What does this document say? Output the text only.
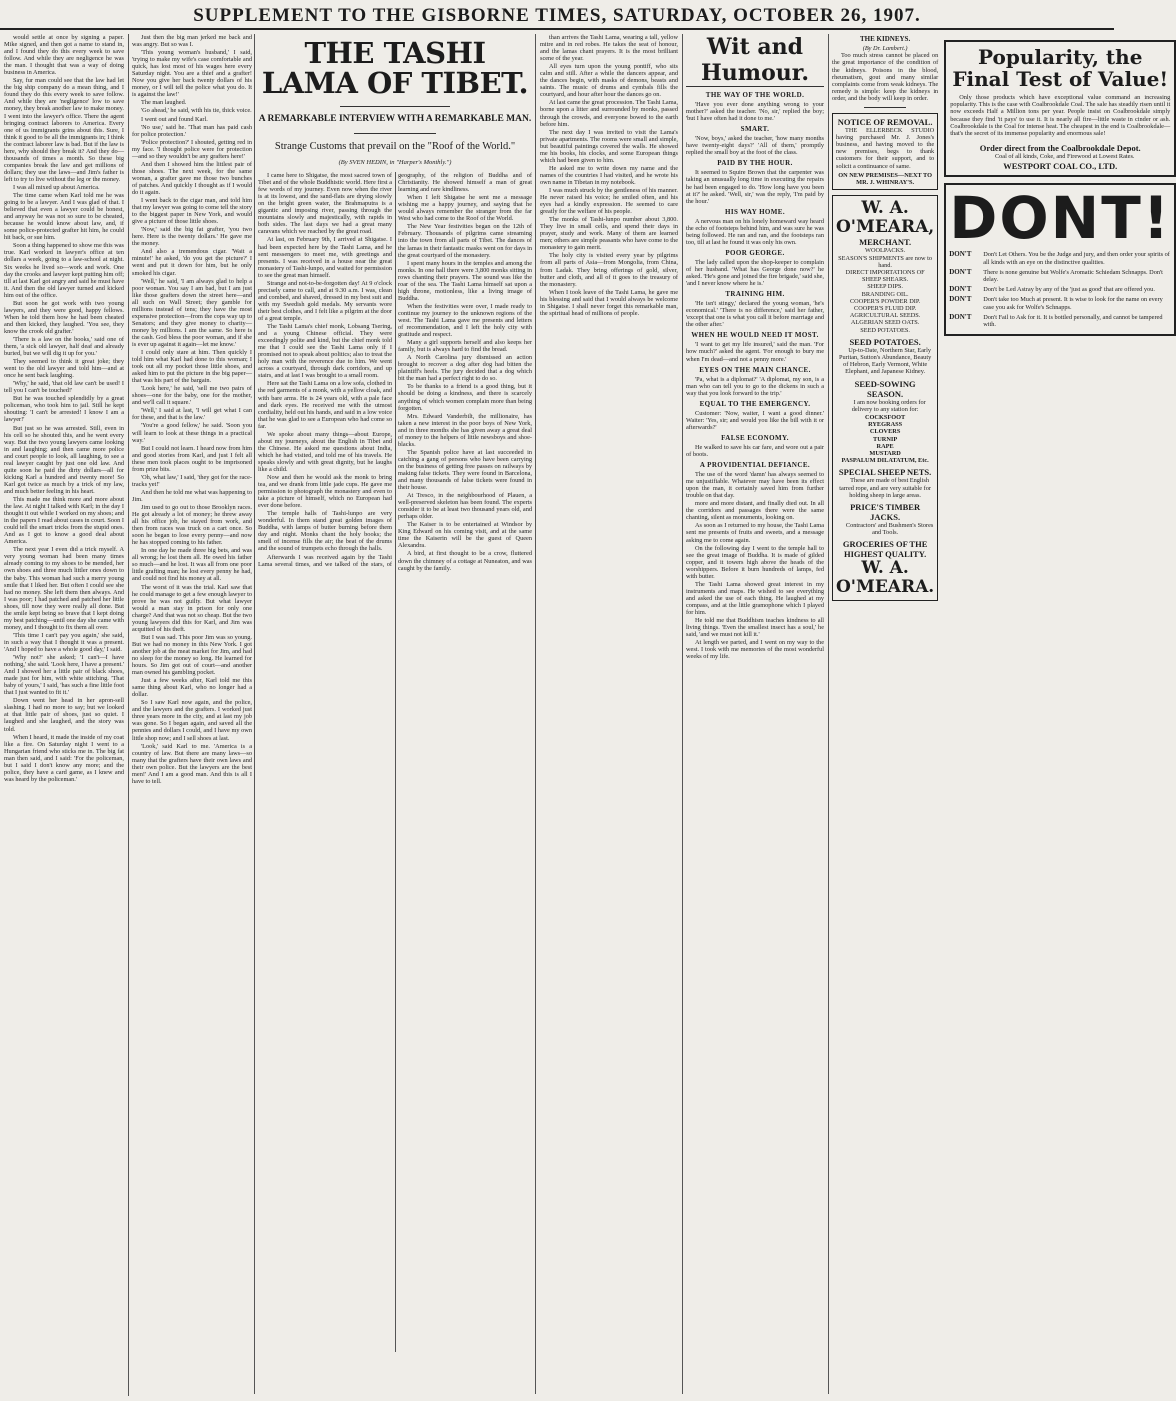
SUPPLEMENT TO THE GISBORNE TIMES, SATURDAY, OCTOBER 26, 1907.

would settle at once by signing a paper. Mike signed, and then got a name to stand in, and I found they do this every week to save follow. And while they are negligence he was the man. I thought that was a way of doing business in America.

Say, fur man could see that the law had let the big ship company do a mean thing, and I found they do this every week to save follow. And while they are 'negligence' low to save money, they break another law to make money. I went into the lawyer's office. There the agent bringing contract laborers to America. Every one of us immigrants grins about this. Sure, I think it good to be all the immigrants in; I think the contract laborer law is bad. But if the law is here, why should they break it? And they do—thousands of times a month. So these big companies break the law and get millions of dollars; they use the laws—and Jim's father is left to try to live without the leg or the money.

I was all mixed up about America.

The time came when Karl told me he was going to be a lawyer. And I was glad of that. I believed that even a lawyer could be honest, and anyway he was not so sure to be cheated, because he would know about law, and, if some police-protected grafter hit him, he could hit back, or sue him.

Soon a thing happened to show me this was true. Karl worked in lawyer's office at ten dollars a week, going to a law-school at night. Six weeks he lived so—work and work. One day the crooks and lawyer kept putting him off; till at last Karl got angry and said he must have it. And then the old lawyer turned and kicked him out of the office.

But soon he got work with two young lawyers, and they were good, happy fellows. When he told them how he had been cheated and then kicked, they laughed. 'You see, they know the crook old grafter.'

'There is a law on the books,' said one of them, 'a sick old lawyer, half deaf and already buried, but we will dig it up for you.'

They seemed to think it great joke; they went to the old lawyer and told him—and at once he sent back laughing.

'Why,' he said, 'that old law can't be used! I tell you I can't be touched!'

But he was touched splendidly by a great policeman, who took him to jail. Still he kept shouting: 'I can't be arrested! I know I am a lawyer!'

But just so he was arrested. Still, even in his cell so he shouted this, and he went every way. But the two young lawyers came looking in and laughing; and then came more police and court people to look, all laughing, to see a real lawyer caught by just one old law. And quite soon he paid the dirty dollars—all for kicking Karl a hundred and twenty more! So Karl got twice as much by a trick of my law, and much better feeling in his heart.

This made me think more and more about the law. At night I talked with Karl; in the day I thought it out while I worked on my shoes; and in the papers I read about cases in court. Soon I could tell the smart tricks from the stupid ones. And as I got to know a good deal about America.

The next year I even did a trick myself. A very young woman had been many times already coming to my shoes to be mended, her own shoes and three much littler ones down to the baby. This woman had such a merry young smile that I liked her. But often I could see she had no money. She left them then always. And I was poor; I had patched and patched her little shoes, till now they were really all done. But the smile kept being so brave that I kept doing my best patching—until one day she came with money, and I thought to fix them all over.

'This time I can't pay you again,' she said, in such a way that I thought it was a present. 'And I hoped to have a whole good day,' I said.

'Why not?' she asked; 'I can't—I have nothing,' she said. 'Look here, I have a present.' And I showed her a little pair of black shoes, made just for him, with white stitching. 'That baby of yours,' I said, 'has such a fine little foot that I just wanted to fit it.'

Down went her head in her apron-sell slashing. I had no more to say; but we looked at that little pair of shoes, just so quiet. I laughed and she laughed, and the story was told.

When I heard, it made the inside of my coat like a fire. On Saturday night I went to a Hungarian friend who sticks me in. The big fat man then said, and I said: 'For the policeman, but I said I don't know any more; and the police, they have a card game, as I knew and was heard by the policeman.'

Just then the big man jerked me back and was angry. But so was I.

'This young woman's husband,' I said, 'trying to make my wife's case comfortable and quick, has lost most of his wages here every Saturday night. You are a thief and a grafter! Now you give her back twenty dollars of his money, or I will tell the police what you do. It is against the law!'

The man laughed.

'Go ahead,' he said, with his tie, thick voice.

I went out and found Karl.

'No use,' said he. 'That man has paid cash for police protection.'

'Police protection?' I shouted, getting red in my face. 'I thought police were for protection—and so they wouldn't be any grafters here!'

And then I showed him the littlest pair of those shoes. The next week, for the same woman, a grafter gave me those two bunches of patches. And quickly I thought as if I would do it again.

I went back to the cigar man, and told him that my lawyer was going to come tell the story to the biggest paper in New York, and would give a picture of those little shoes.

'Now,' said the big fat grafter, 'you two here. Here is the twenty dollars.' He gave me the money.

And also a tremendous cigar. 'Wait a minute!' he asked, 'do you get the picture?' I went and put it down for him, but he only smoked his cigar.

'Well,' he said, 'I am always glad to help a poor woman. You say I am bad, but I am just like those grafters down the street here—and all such on Wall Street; they gamble for millions instead of tens; they have the most expensive protection—from the cops way up to Senators; and they give money to charity—money by millions. I am the same. So here is the cash. God bless the poor woman, and if she is ever up against it again—let me know.'

I could only stare at him. Then quickly I told him what Karl had done to this woman; I took out all my pocket those little shoes, and asked him to put the picture in the big paper—that was his part of the bargain.

'Look here,' he said, 'sell me two pairs of shoes—one for the baby, one for the mother, and we'll call it square.'

'Well,' I said at last, 'I will get what I can for these, and that is the law.'

'You're a good fellow,' he said. 'Soon you will learn to look at these things in a practical way.'

But I could not learn. I heard now from him and good stories from Karl, and just I felt all these men took places ought to be imprisoned from prize bits.

'Oh, what law,' I said, 'they got for the race-tracks yet!'

And then he told me what was happening to Jim.

Jim used to go out to those Brooklyn races. He got already a lot of money; he threw away all his office job, he stayed from work, and then from races was truck on a cart once. So soon he began to lose every penny—and now he has stopped coming to his father.

In one day he made three big bets, and was all wrong; he lost them all. He owed his father so much—and he lost. It was all from one poor little grafting man; he lost every penny he had, and could not find his money at all.

The worst of it was the trial. Karl saw that he could manage to get a few enough lawyer to prove he was not guilty. But what lawyer would a man stay in prison for only one charge? And that was not so cheap. But the two young lawyers did this for Karl, and Jim was acquitted of his theft.

But I was sad. This poor Jim was so young. But we had no money in this New York. I got another job at the meat market for Jim, and had no sleep for the money so long. He learned for hours. So Jim got out of court—and another man owned his gambling pocket.

Just a few weeks after, Karl told me this same thing about Karl, who no longer had a dollar.

So I saw Karl now again, and the police, and the lawyers and the grafters. I worked just three years more in the city, and at last my job was gone. So I began again, and saved all the pennies and dollars I could, and I have my own little shop now; and I sell shoes at last.

'Look,' said Karl to me. 'America is a country of law. But there are many laws—so many that the grafters have their own laws and their own police. But the lawyers are the best men!' And I am a good man. And this is all I have to tell.

THE TASHI LAMA OF TIBET.
A REMARKABLE INTERVIEW WITH A REMARKABLE MAN.
Strange Customs that prevail on the "Roof of the World."
(By SVEN HEDIN, in "Harper's Monthly.")

I came here to Shigatse, the most sacred town of Tibet and of the whole Buddhistic world. Here first a few words of my journey. Even now when the river is at its lowest, and the sand-flats are drying slowly on the bright green water, the Brahmaputra is a gigantic and imposing river, passing through the mountains slowly and majestically, with rapids in both sides. The last days we had a great many caravans which we reached by the great road.

At last, on February 9th, I arrived at Shigatse. I had been expected here by the Tashi Lama, and he sent messengers to meet me, with greetings and presents. I was received in a house near the great monastery of Tashi-lunpo, and waited for permission to see the great man himself.

Strange and not-to-be-forgotten day! At 9 o'clock precisely came to call, and at 9.30 a.m. I was, clean and combed, and shaved, dressed in my best suit and with my Swedish gold medals. My servants wore their best clothes, and I felt like a pilgrim at the door of a great temple.

The Tashi Lama's chief monk, Lobsang Tsering, and a young Chinese official. They were exceedingly polite and kind, but the chief monk told me that I could see the Tashi Lama only if I promised not to speak about politics; also to treat the holy man with the reverence due to him. We went across a courtyard, through dark corridors, and up stairs, and at last I was brought to a small room.

Here sat the Tashi Lama on a low sofa, clothed in the red garments of a monk, with a yellow cloak, and with bare arms. He is 24 years old, with a pale face and dark eyes. He received me with the utmost cordiality, held out his hands, and said in a low voice that he was glad to see a European who had come so far.

We spoke about many things—about Europe, about my journeys, about the English in Tibet and the Chinese. He asked me questions about India, which he had visited, and told me of his travels. He speaks slowly and with great dignity, but he laughs like a child.

Now and then he would ask the monk to bring tea, and we drank from little jade cups. He gave me permission to photograph the monastery and even to take a picture of himself, which no European had ever done before.

The temple halls of Tashi-lunpo are very wonderful. In them stand great golden images of Buddha, with lamps of butter burning before them day and night. Monks chant the holy books; the smell of incense fills the air; the beat of the drums and the sound of trumpets echo through the halls.

Afterwards I was received again by the Tashi Lama several times, and we talked of the stars, of geography, of the religion of Buddha and of Christianity. He showed himself a man of great learning and rare kindliness.

When I left Shigatse he sent me a message wishing me a happy journey, and saying that he would always remember the stranger from the far West who had come to the Roof of the World.

The New Year festivities began on the 12th of February. Thousands of pilgrims came streaming into the town from all parts of Tibet. The dances of the lamas in their fantastic masks went on for days in the great courtyard of the monastery.

I spent many hours in the temples and among the monks. In one hall there were 3,800 monks sitting in rows chanting their prayers. The sound was like the roar of the sea. The Tashi Lama himself sat upon a high throne, motionless, like a living image of Buddha.

When the festivities were over, I made ready to continue my journey to the unknown regions of the west. The Tashi Lama gave me presents and letters of recommendation, and I left the holy city with gratitude and respect.

Many a girl supports herself and also keeps her family, but is always hard to find the bread.

A North Carolina jury dismissed an action brought to recover a dog after dog had bitten the plaintiff's heels. The jury decided that a dog which bit the man had a perfect right to do so.

To be thanks to a friend is a good thing, but it should be doing a kindness, and there is scarcely anything of which women complain more than being forgotten.

Mrs. Edward Vanderbilt, the millionaire, has taken a new interest in the poor boys of New York, and in three months she has given away a great deal of money to the helpers of little newsboys and shoe-blacks.

The Spanish police have at last succeeded in catching a gang of persons who have been carrying on the business of getting free passes on railways by making false tickets. They were found in Barcelona, and many thousands of false tickets were found in their house.

At Tresco, in the neighbourhood of Plauen, a well-preserved skeleton has been found. The experts consider it to be at least two thousand years old, and perhaps older.

The Kaiser is to be entertained at Windsor by King Edward on his coming visit, and at the same time the Kaiserin will be the guest of Queen Alexandra.

A bird, at first thought to be a crow, fluttered down the chimney of a cottage at Nuneaton, and was caught by the family.

than arrives the Tashi Lama, wearing a tall, yellow mitre and in red robes. He takes the seat of honour, and the lamas chant prayers. It is the most brilliant scene of the year.

All eyes turn upon the young pontiff, who sits calm and still. After a while the dancers appear, and the dances begin, with masks of demons, beasts and saints. The music of drums and cymbals fills the courtyard, and hour after hour the dances go on.

At last came the great procession. The Tashi Lama, borne upon a litter and surrounded by monks, passed through the crowds, and everyone bowed to the earth before him.

The next day I was invited to visit the Lama's private apartments. The rooms were small and simple, but beautiful paintings covered the walls. He showed me his books, his clocks, and some European things which had been given to him.

He asked me to write down my name and the names of the countries I had visited, and he wrote his own name in Tibetan in my notebook.

I was much struck by the gentleness of his manner. He never raised his voice; he smiled often, and his eyes had a kindly expression. He seemed to care greatly for the welfare of his people.

The monks of Tashi-lunpo number about 3,800. They live in small cells, and spend their days in prayer, study and work. Many of them are learned men; others are simple peasants who have come to the monastery to gain merit.

The holy city is visited every year by pilgrims from all parts of Asia—from Mongolia, from China, from Ladak. They bring offerings of gold, silver, butter and cloth, and all of it goes to the treasury of the monastery.

When I took leave of the Tashi Lama, he gave me his blessing and said that I would always be welcome in Shigatse. I shall never forget this remarkable man, the spiritual head of millions of people.

Wit and Humour.
THE WAY OF THE WORLD.

'Have you ever done anything wrong to your mother?' asked the teacher. 'No, sir,' replied the boy; 'but I have often had it done to me.'

SMART.

'Now, boys,' asked the teacher, 'how many months have twenty-eight days?' 'All of them,' promptly replied the small boy at the foot of the class.

PAID BY THE HOUR.

It seemed to Squire Brown that the carpenter was taking an unusually long time in executing the repairs he had been engaged to do. 'How long have you been at it?' he asked. 'Well, sir,' was the reply, 'I'm paid by the hour.'

HIS WAY HOME.

A nervous man on his lonely homeward way heard the echo of footsteps behind him, and was sure he was being followed. He ran and ran, and the footsteps ran too, till at last he found it was only his own.

POOR GEORGE.

The lady called upon the shop-keeper to complain of her husband. 'What has George done now?' he asked. 'He's gone and joined the fire brigade,' said she, 'and I never know where he is.'

TRAINING HIM.

'He isn't stingy,' declared the young woman, 'he's economical.' 'There is no difference,' said her father, 'except that one is what you call it before marriage and the other after.'

WHEN HE WOULD NEED IT MOST.

'I want to get my life insured,' said the man. 'For how much?' asked the agent. 'For enough to bury me when I'm dead—and not a penny more.'

EYES ON THE MAIN CHANCE.

'Pa, what is a diplomat?' 'A diplomat, my son, is a man who can tell you to go to the dickens in such a way that you look forward to the trip.'

EQUAL TO THE EMERGENCY.

Customer: 'Now, waiter, I want a good dinner.' Waiter: 'Yes, sir; and would you like the bill with it or afterwards?'

FALSE ECONOMY.

He walked to save his car fare, and wore out a pair of boots.

A PROVIDENTIAL DEFIANCE.

The use of the word 'damn' has always seemed to me unjustifiable. Whatever may have been its effect upon the man, it certainly saved him from further trouble on that day.

more and more distant, and finally died out. In all the corridors and passages there were the same chanting, silent as monuments, looking on.

As soon as I returned to my house, the Tashi Lama sent me presents of fruits and sweets, and a message asking me to come again.

On the following day I went to the temple hall to see the great image of Buddha. It is made of gilded copper, and it towers high above the heads of the worshippers. Before it burn hundreds of lamps, fed with butter.

The Tashi Lama showed great interest in my instruments and maps. He wished to see everything and asked the use of each thing. He laughed at my compass, and at the little gramophone which I played for him.

He told me that Buddhism teaches kindness to all living things. 'Even the smallest insect has a soul,' he said, 'and we must not kill it.'

At length we parted, and I went on my way to the west. I took with me memories of the most wonderful weeks of my life.

THE KIDNEYS.
(By Dr. Lambert.)

Too much stress cannot be placed on the great importance of the condition of the kidneys. Poisons in the blood, rheumatism, gout and many similar complaints come from weak kidneys. The remedy is simple: keep the kidneys in order, and the body will keep in order.

NOTICE OF REMOVAL.

THE ELLERBECK STUDIO having purchased Mr. J. Jones's business, and having moved to the new premises, begs to thank customers for their support, and to solicit a continuance of same.

ON NEW PREMISES—NEXT TO MR. J. WHINRAY'S.
W. A. O'MEARA,
MERCHANT.
WOOLPACKS.
SEASON'S SHIPMENTS are now to hand.
DIRECT IMPORTATIONS OF SHEEP SHEARS.
SHEEP DIPS.
BRANDING OIL.
COOPER'S POWDER DIP.
COOPER'S FLUID DIP.
AGRICULTURAL SEEDS.
ALGERIAN SEED OATS.
SEED POTATOES.
SEED POTATOES.

Up-to-Date, Northern Star, Early Puritan, Sutton's Abundance, Beauty of Hebron, Early Vermont, White Elephant, and Japanese Kidney.

SEED-SOWING SEASON.

I am now booking orders for delivery to any station for:

COCKSFOOT
RYEGRASS
CLOVERS
TURNIP
RAPE
MUSTARD
PASPALUM DILATATUM, Etc.
SPECIAL SHEEP NETS.

These are made of best English tarred rope, and are very suitable for holding sheep in large areas.

PRICE'S TIMBER JACKS.

Contractors' and Bushmen's Stores and Tools.

GROCERIES OF THE HIGHEST QUALITY.
W. A. O'MEARA.
Popularity, the Final Test of Value!

Only those products which have exceptional value command an increasing popularity. This is the case with Coalbrookdale Coal. The sale has steadily risen until it now exceeds Half a Million tons per year. People insist on Coalbrookdale simply because they find 'it pays' to use it. It is nearly all fire—little waste in cinder or ash. Coalbrookdale is the Coal for intense heat. The cheapest in the end is Coalbrookdale—that's the secret of its immense popularity and enormous sale!

Order direct from the Coalbrookdale Depot.

Coal of all kinds, Coke, and Firewood at Lowest Rates.

WESTPORT COAL CO., LTD.
DONT!
DON'T	Don't Let Others. You be the Judge and jury, and then order your spirits of all kinds with an eye on the distinctive qualities.
DON'T	There is none genuine but Wolfe's Aromatic Schiedam Schnapps. Don't delay.
DON'T	Don't be Led Astray by any of the 'just as good' that are offered you.
DON'T	Don't take too Much at present. It is wise to look for the name on every case you ask for Wolfe's Schnapps.
DON'T	Don't Fail to Ask for it. It is bottled personally, and cannot be tampered with.
